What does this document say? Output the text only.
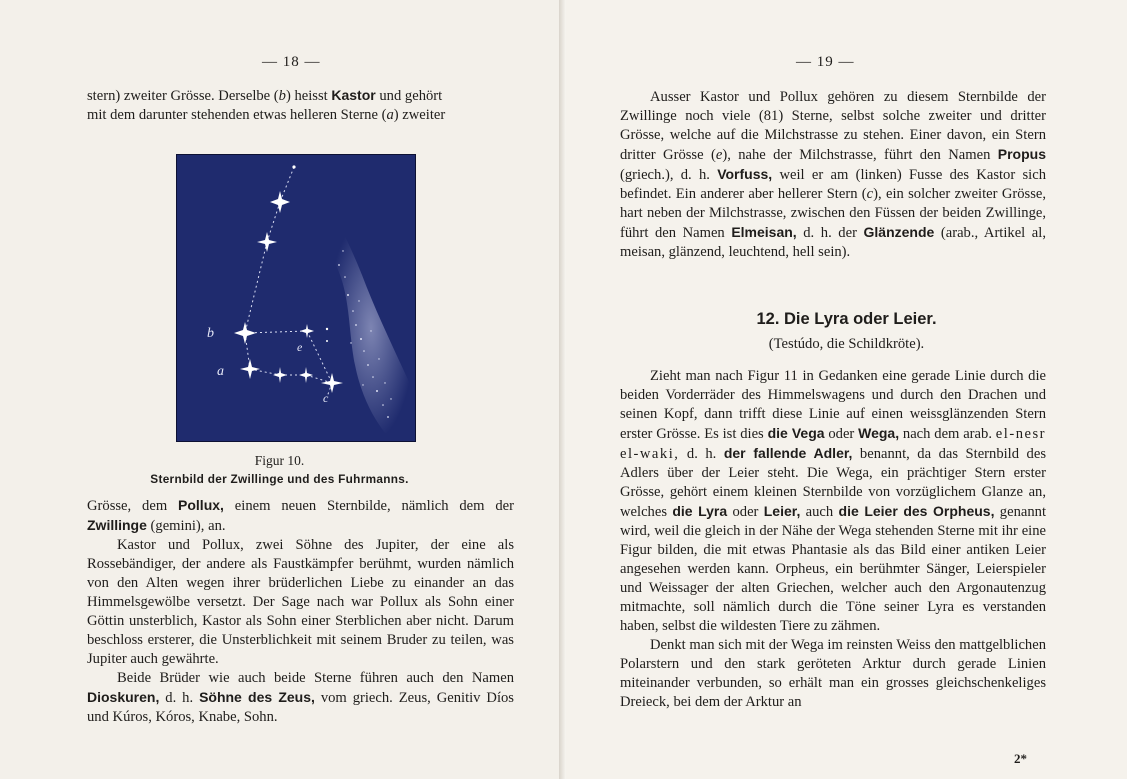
— 18 —

stern) zweiter Grösse. Derselbe (b) heisst Kastor und gehört

mit dem darunter stehenden etwas helleren Sterne (a) zweiter

b
a
c
e
Figur 10.
Sternbild der Zwillinge und des Fuhrmanns.

Grösse, dem Pollux, einem neuen Sternbilde, nämlich dem der Zwillinge (gemini), an.

Kastor und Pollux, zwei Söhne des Jupiter, der eine als Rossebändiger, der andere als Faustkämpfer berühmt, wurden nämlich von den Alten wegen ihrer brüderlichen Liebe zu einander an das Himmelsgewölbe versetzt. Der Sage nach war Pollux als Sohn einer Göttin unsterblich, Kastor als Sohn einer Sterblichen aber nicht. Darum beschloss ersterer, die Unsterblichkeit mit seinem Bruder zu teilen, was Jupiter auch gewährte.

Beide Brüder wie auch beide Sterne führen auch den Namen Dioskuren, d. h. Söhne des Zeus, vom griech. Zeus, Genitiv Díos und Kúros, Kóros, Knabe, Sohn.

— 19 —

Ausser Kastor und Pollux gehören zu diesem Sternbilde der Zwillinge noch viele (81) Sterne, selbst solche zweiter und dritter Grösse, welche auf die Milchstrasse zu stehen. Einer davon, ein Stern dritter Grösse (e), nahe der Milchstrasse, führt den Namen Propus (griech.), d. h. Vorfuss, weil er am (linken) Fusse des Kastor sich befindet. Ein anderer aber hellerer Stern (c), ein solcher zweiter Grösse, hart neben der Milchstrasse, zwischen den Füssen der beiden Zwillinge, führt den Namen Elmeisan, d. h. der Glänzende (arab., Artikel al, meisan, glänzend, leuchtend, hell sein).

Zieht man nach Figur 11 in Gedanken eine gerade Linie durch die beiden Vorderräder des Himmelswagens und durch den Drachen und seinen Kopf, dann trifft diese Linie auf einen weissglänzenden Stern erster Grösse. Es ist dies die Vega oder Wega, nach dem arab. el-nesr el-waki, d. h. der fallende Adler, benannt, da das Sternbild des Adlers über der Leier steht. Die Wega, ein prächtiger Stern erster Grösse, gehört einem kleinen Sternbilde von vorzüglichem Glanze an, welches die Lyra oder Leier, auch die Leier des Orpheus, genannt wird, weil die gleich in der Nähe der Wega stehenden Sterne mit ihr eine Figur bilden, die mit etwas Phantasie als das Bild einer antiken Leier angesehen werden kann. Orpheus, ein berühmter Sänger, Leierspieler und Weissager der alten Griechen, welcher auch den Argonautenzug mitmachte, soll nämlich durch die Töne seiner Lyra es verstanden haben, selbst die wildesten Tiere zu zähmen.

Denkt man sich mit der Wega im reinsten Weiss den mattgelblichen Polarstern und den stark geröteten Arktur durch gerade Linien miteinander verbunden, so erhält man ein grosses gleichschenkeliges Dreieck, bei dem der Arktur an

2*
12. Die Lyra oder Leier.
(Testúdo, die Schildkröte).
